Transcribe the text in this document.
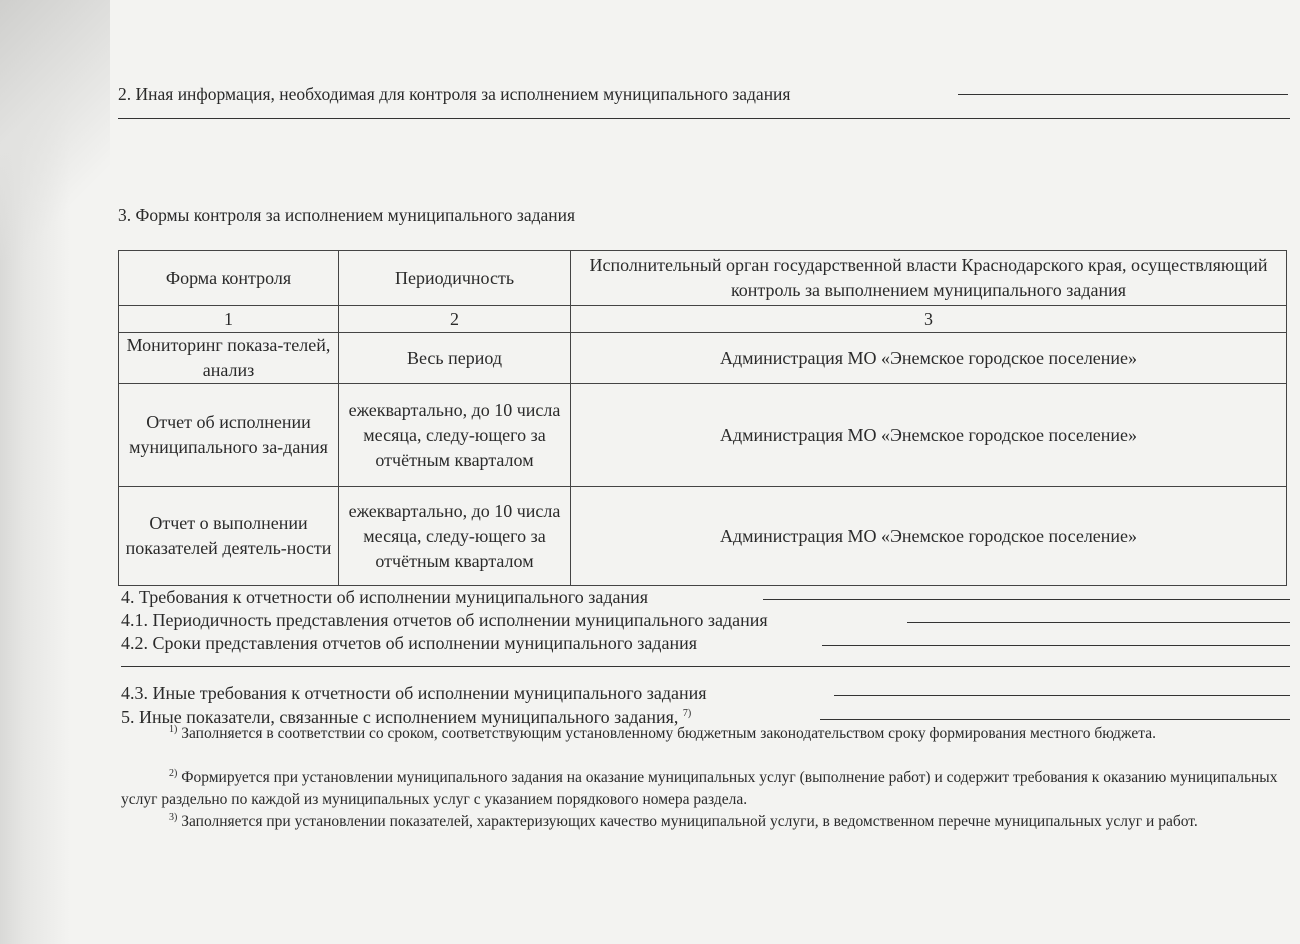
2. Иная информация, необходимая для контроля за исполнением муниципального задания
3. Формы контроля за исполнением муниципального задания
Форма контроля	Периодичность	Исполнительный орган государственной власти Краснодарского края, осуществляющий контроль за выполнением муниципального задания
1	2	3
Мониторинг показа-телей, анализ	Весь период	Администрация МО «Энемское городское поселение»
Отчет об исполнении муниципального за-дания	ежеквартально, до 10 числа месяца, следу-ющего за отчётным кварталом	Администрация МО «Энемское городское поселение»
Отчет о выполнении показателей деятель-ности	ежеквартально, до 10 числа месяца, следу-ющего за отчётным кварталом	Администрация МО «Энемское городское поселение»
4. Требования к отчетности об исполнении муниципального задания
4.1. Периодичность представления отчетов об исполнении муниципального задания
4.2. Сроки представления отчетов об исполнении муниципального задания
4.3. Иные требования к отчетности об исполнении муниципального задания
5. Иные показатели, связанные с исполнением муниципального задания, $^{7)}$
$^{1)}$ Заполняется в соответствии со сроком, соответствующим установленному бюджетным законодательством сроку формирования местного бюджета.
$^{2)}$ Формируется при установлении муниципального задания на оказание муниципальных услуг (выполнение работ) и содержит требования к оказанию муниципальных услуг раздельно по каждой из муниципальных услуг с указанием порядкового номера раздела.
$^{3)}$ Заполняется при установлении показателей, характеризующих качество муниципальной услуги, в ведомственном перечне муниципальных услуг и работ.
